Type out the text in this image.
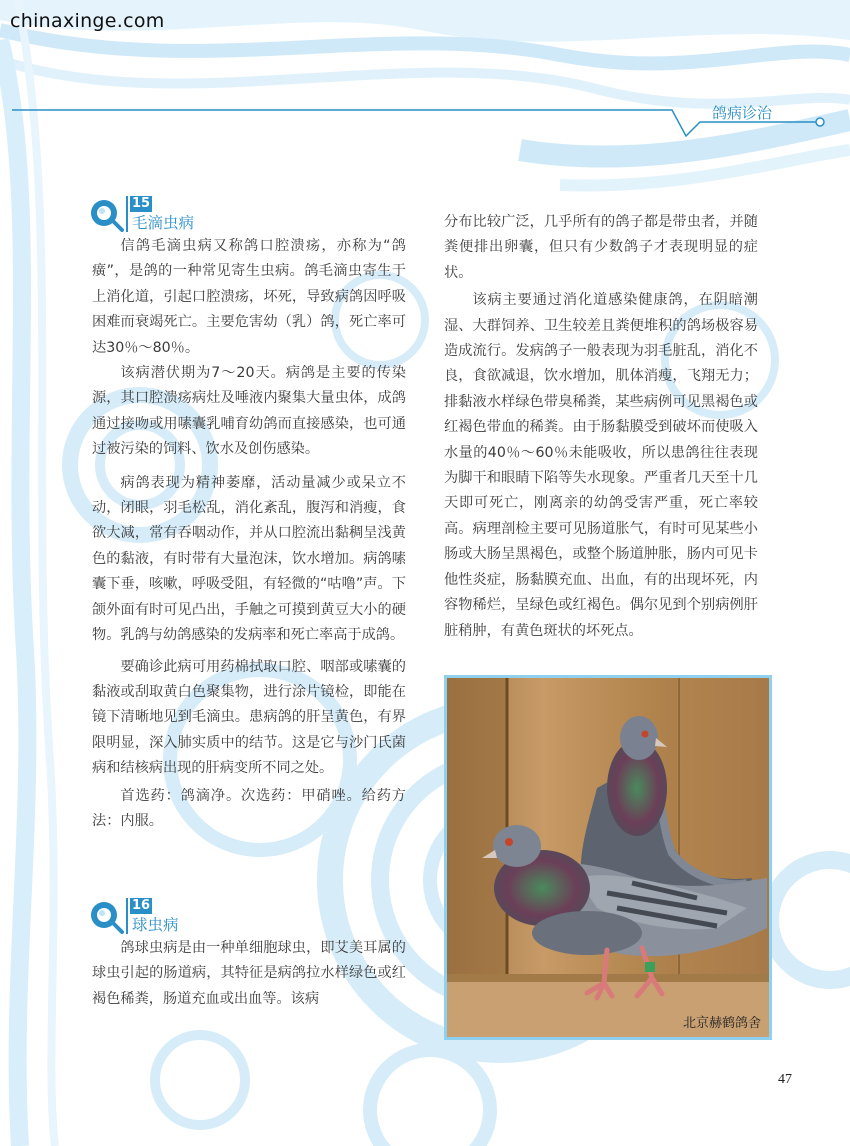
chinaxinge.com
鸽病诊治
15
毛滴虫病

信鸽毛滴虫病又称鸽口腔溃疡，亦称为“鸽癀”，是鸽的一种常见寄生虫病。鸽毛滴虫寄生于上消化道，引起口腔溃疡，坏死，导致病鸽因呼吸困难而衰竭死亡。主要危害幼（乳）鸽，死亡率可达30％～80％。

该病潜伏期为7～20天。病鸽是主要的传染源，其口腔溃疡病灶及唾液内聚集大量虫体，成鸽通过接吻或用嗉囊乳哺育幼鸽而直接感染，也可通过被污染的饲料、饮水及创伤感染。

病鸽表现为精神萎靡，活动量减少或呆立不动，闭眼，羽毛松乱，消化紊乱，腹泻和消瘦，食欲大减，常有吞咽动作，并从口腔流出黏稠呈浅黄色的黏液，有时带有大量泡沫，饮水增加。病鸽嗉囊下垂，咳嗽，呼吸受阻，有轻微的“咕噜”声。下颌外面有时可见凸出，手触之可摸到黄豆大小的硬物。乳鸽与幼鸽感染的发病率和死亡率高于成鸽。

要确诊此病可用药棉拭取口腔、咽部或嗉囊的黏液或刮取黄白色聚集物，进行涂片镜检，即能在镜下清晰地见到毛滴虫。患病鸽的肝呈黄色，有界限明显，深入肺实质中的结节。这是它与沙门氏菌病和结核病出现的肝病变所不同之处。

首选药：鸽滴净。次选药：甲硝唑。给药方法：内服。

16
球虫病

鸽球虫病是由一种单细胞球虫，即艾美耳属的球虫引起的肠道病，其特征是病鸽拉水样绿色或红褐色稀粪，肠道充血或出血等。该病

分布比较广泛，几乎所有的鸽子都是带虫者，并随粪便排出卵囊，但只有少数鸽子才表现明显的症状。

该病主要通过消化道感染健康鸽，在阴暗潮湿、大群饲养、卫生较差且粪便堆积的鸽场极容易造成流行。发病鸽子一般表现为羽毛脏乱，消化不良，食欲减退，饮水增加，肌体消瘦，飞翔无力；排黏液水样绿色带臭稀粪，某些病例可见黑褐色或红褐色带血的稀粪。由于肠黏膜受到破坏而使吸入水量的40％～60％未能吸收，所以患鸽往往表现为脚干和眼睛下陷等失水现象。严重者几天至十几天即可死亡，刚离亲的幼鸽受害严重，死亡率较高。病理剖检主要可见肠道胀气，有时可见某些小肠或大肠呈黑褐色，或整个肠道肿胀，肠内可见卡他性炎症，肠黏膜充血、出血，有的出现坏死，内容物稀烂，呈绿色或红褐色。偶尔见到个别病例肝脏稍肿，有黄色斑状的坏死点。

北京赫鹤鸽舍
47
